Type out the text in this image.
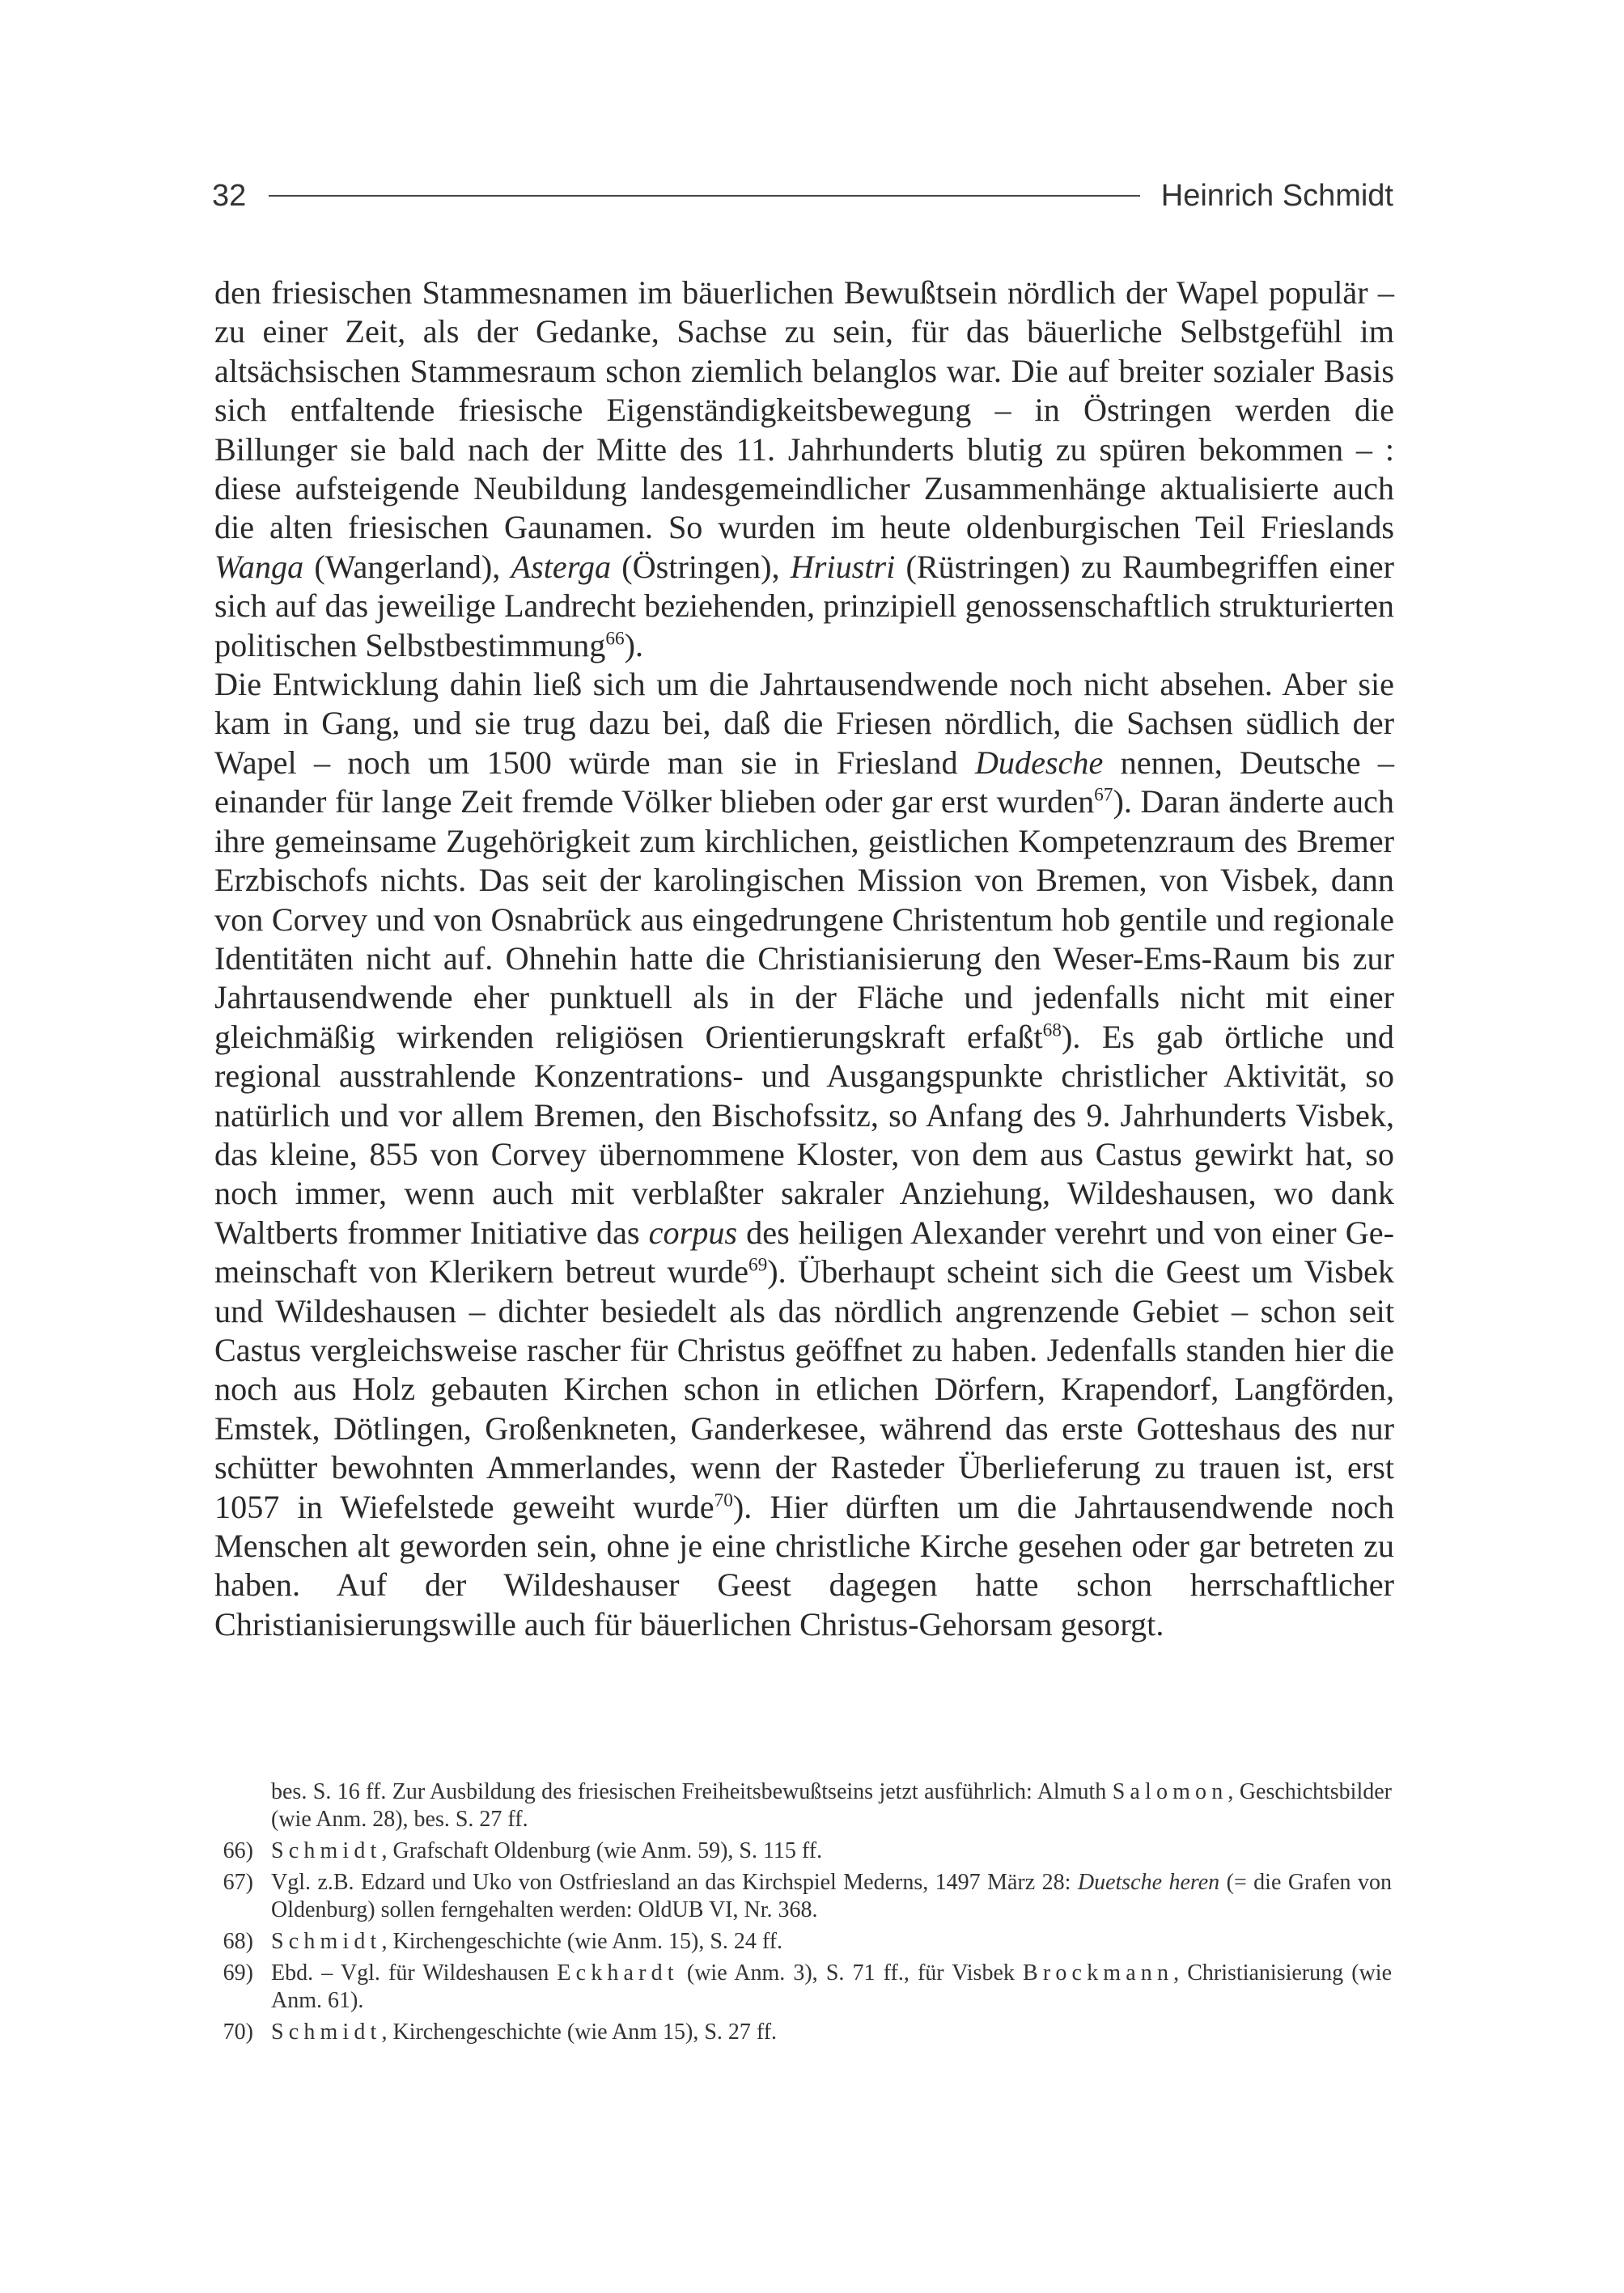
32	Heinrich Schmidt

den friesischen Stammesnamen im bäuerlichen Bewußtsein nördlich der Wapel populär – zu einer Zeit, als der Gedanke, Sachse zu sein, für das bäuerliche Selbstgefühl im altsächsischen Stammesraum schon ziemlich belanglos war. Die auf breiter sozialer Basis sich entfaltende friesische Eigenständigkeitsbewegung – in Östringen werden die Billunger sie bald nach der Mitte des 11. Jahrhunderts blutig zu spüren bekommen – : diese aufsteigende Neubildung landesgemeindlicher Zusammenhänge aktualisierte auch die alten friesischen Gaunamen. So wurden im heute oldenburgischen Teil Frieslands Wanga (Wangerland), Asterga (Östringen), Hriustri (Rüstringen) zu Raumbegriffen einer sich auf das jeweilige Landrecht beziehenden, prinzipiell genossenschaftlich strukturierten politischen Selbstbestimmung$^{66}$).

Die Entwicklung dahin ließ sich um die Jahrtausendwende noch nicht absehen. Aber sie kam in Gang, und sie trug dazu bei, daß die Friesen nördlich, die Sachsen südlich der Wapel – noch um 1500 würde man sie in Friesland Dudesche nennen, Deutsche – einander für lange Zeit fremde Völker blieben oder gar erst wurden$^{67}$). Daran änderte auch ihre gemeinsame Zugehörigkeit zum kirchlichen, geistlichen Kompetenzraum des Bremer Erzbischofs nichts. Das seit der karolingischen Mission von Bremen, von Visbek, dann von Corvey und von Osnabrück aus eingedrungene Christentum hob gentile und regionale Identitäten nicht auf. Ohnehin hatte die Christianisierung den Weser-Ems-Raum bis zur Jahrtausendwende eher punktuell als in der Fläche und jedenfalls nicht mit einer gleichmäßig wirkenden religiösen Orientierungskraft erfaßt$^{68}$). Es gab örtliche und regional ausstrahlende Konzentrations- und Ausgangspunkte christlicher Aktivität, so natürlich und vor allem Bremen, den Bischofssitz, so Anfang des 9. Jahrhunderts Visbek, das kleine, 855 von Corvey übernommene Kloster, von dem aus Castus gewirkt hat, so noch immer, wenn auch mit verblaßter sakraler Anziehung, Wildeshausen, wo dank Waltberts frommer Initiative das corpus des heiligen Alexander verehrt und von einer Gemeinschaft von Klerikern betreut wurde$^{69}$). Überhaupt scheint sich die Geest um Visbek und Wildeshausen – dichter besiedelt als das nördlich angrenzende Gebiet – schon seit Castus vergleichsweise rascher für Christus geöffnet zu haben. Jedenfalls standen hier die noch aus Holz gebauten Kirchen schon in etlichen Dörfern, Krapendorf, Langförden, Emstek, Dötlingen, Großenkneten, Ganderkesee, während das erste Gotteshaus des nur schütter bewohnten Ammerlandes, wenn der Rasteder Überlieferung zu trauen ist, erst 1057 in Wiefelstede geweiht wurde$^{70}$). Hier dürften um die Jahrtausendwende noch Menschen alt geworden sein, ohne je eine christliche Kirche gesehen oder gar betreten zu haben. Auf der Wildeshauser Geest dagegen hatte schon herrschaftlicher Christianisierungswille auch für bäuerlichen Christus-Gehorsam gesorgt.

bes. S. 16 ff. Zur Ausbildung des friesischen Freiheitsbewußtseins jetzt ausführlich: Almuth Salomon, Geschichtsbilder (wie Anm. 28), bes. S. 27 ff.
66) Schmidt, Grafschaft Oldenburg (wie Anm. 59), S. 115 ff.
67) Vgl. z.B. Edzard und Uko von Ostfriesland an das Kirchspiel Mederns, 1497 März 28: Duetsche heren (= die Grafen von Oldenburg) sollen ferngehalten werden: OldUB VI, Nr. 368.
68) Schmidt, Kirchengeschichte (wie Anm. 15), S. 24 ff.
69) Ebd. – Vgl. für Wildeshausen Eckhardt (wie Anm. 3), S. 71 ff., für Visbek Brockmann, Christianisierung (wie Anm. 61).
70) Schmidt, Kirchengeschichte (wie Anm 15), S. 27 ff.
